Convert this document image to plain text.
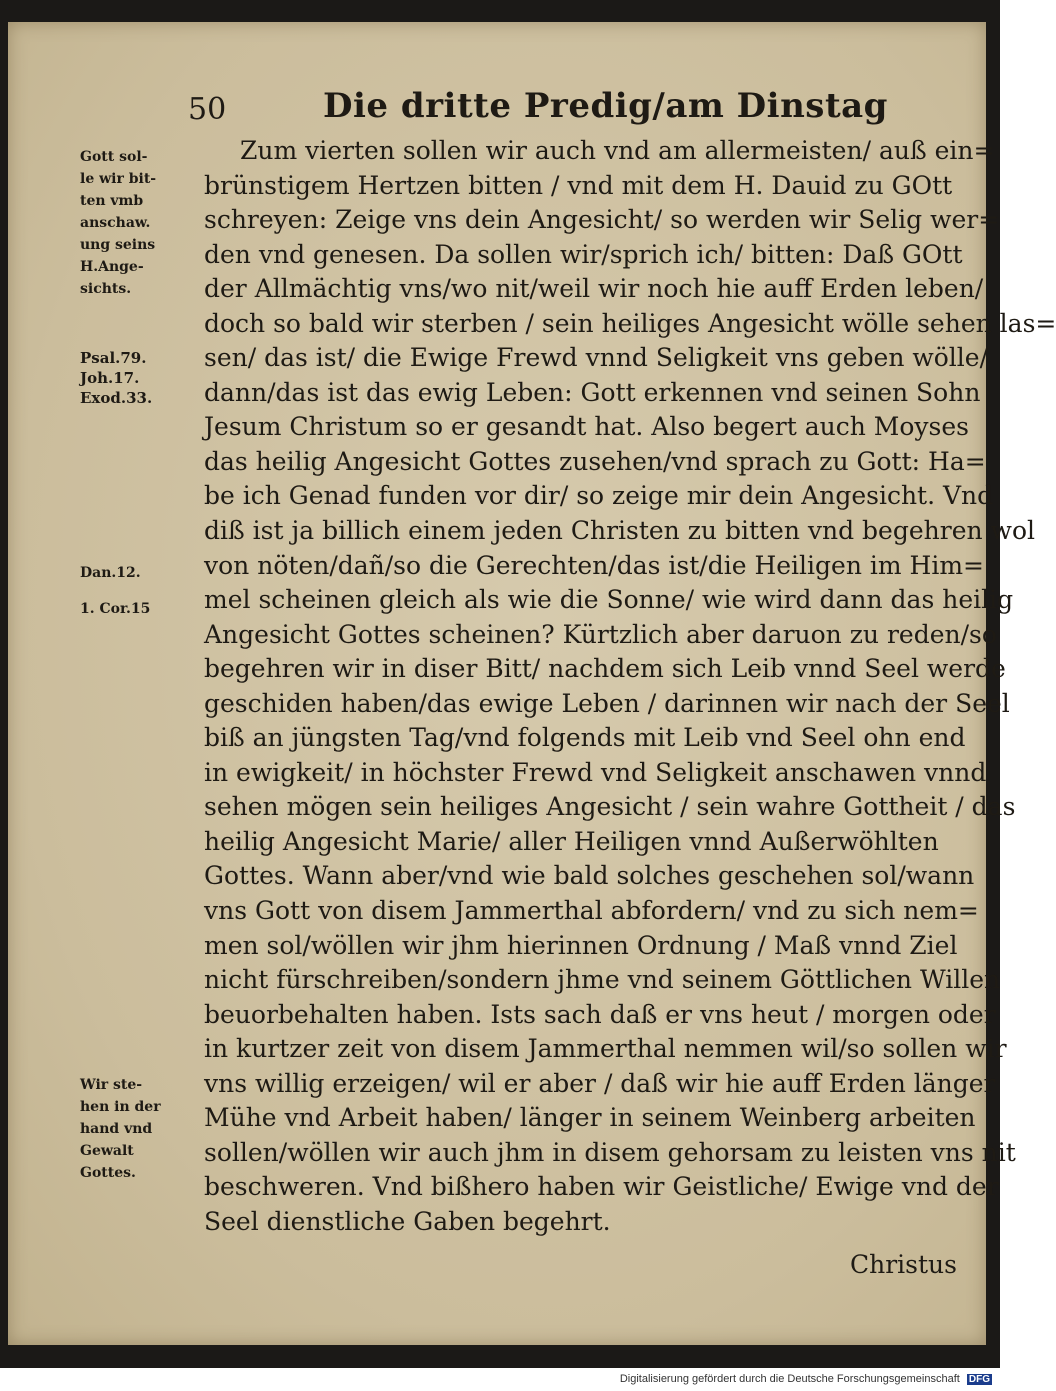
50	Die dritte Predig/am Dinstag
Gott sol-
le wir bit-
ten vmb
anschaw.
ung seins
H.Ange-
sichts.
Psal.79.
Joh.17.
Exod.33.
Dan.12.
1. Cor.15
Wir ste-
hen in der
hand vnd
Gewalt
Gottes.
Zum vierten sollen wir auch vnd am allermeisten/ auß ein=
brünstigem Hertzen bitten / vnd mit dem H. Dauid zu GOtt
schreyen: Zeige vns dein Angesicht/ so werden wir Selig wer=
den vnd genesen. Da sollen wir/sprich ich/ bitten: Daß GOtt
der Allmächtig vns/wo nit/weil wir noch hie auff Erden leben/
doch so bald wir sterben / sein heiliges Angesicht wölle sehen las=
sen/ das ist/ die Ewige Frewd vnnd Seligkeit vns geben wölle/
dann/das ist das ewig Leben: Gott erkennen vnd seinen Sohn
Jesum Christum so er gesandt hat. Also begert auch Moyses
das heilig Angesicht Gottes zusehen/vnd sprach zu Gott: Ha=
be ich Genad funden vor dir/ so zeige mir dein Angesicht. Vnd
diß ist ja billich einem jeden Christen zu bitten vnd begehren wol
von nöten/dañ/so die Gerechten/das ist/die Heiligen im Him=
mel scheinen gleich als wie die Sonne/ wie wird dann das heilig
Angesicht Gottes scheinen? Kürtzlich aber daruon zu reden/so
begehren wir in diser Bitt/ nachdem sich Leib vnnd Seel werde
geschiden haben/das ewige Leben / darinnen wir nach der Seel
biß an jüngsten Tag/vnd folgends mit Leib vnd Seel ohn end
in ewigkeit/ in höchster Frewd vnd Seligkeit anschawen vnnd
sehen mögen sein heiliges Angesicht / sein wahre Gottheit / das
heilig Angesicht Marie/ aller Heiligen vnnd Außerwöhlten
Gottes. Wann aber/vnd wie bald solches geschehen sol/wann
vns Gott von disem Jammerthal abfordern/ vnd zu sich nem=
men sol/wöllen wir jhm hierinnen Ordnung / Maß vnnd Ziel
nicht fürschreiben/sondern jhme vnd seinem Göttlichen Willen
beuorbehalten haben. Ists sach daß er vns heut / morgen oder
in kurtzer zeit von disem Jammerthal nemmen wil/so sollen wir
vns willig erzeigen/ wil er aber / daß wir hie auff Erden länger
Mühe vnd Arbeit haben/ länger in seinem Weinberg arbeiten
sollen/wöllen wir auch jhm in disem gehorsam zu leisten vns nit
beschweren. Vnd bißhero haben wir Geistliche/ Ewige vnd der
Seel dienstliche Gaben begehrt.
Christus
Digitalisierung gefördert durch die Deutsche Forschungsgemeinschaft DFG
